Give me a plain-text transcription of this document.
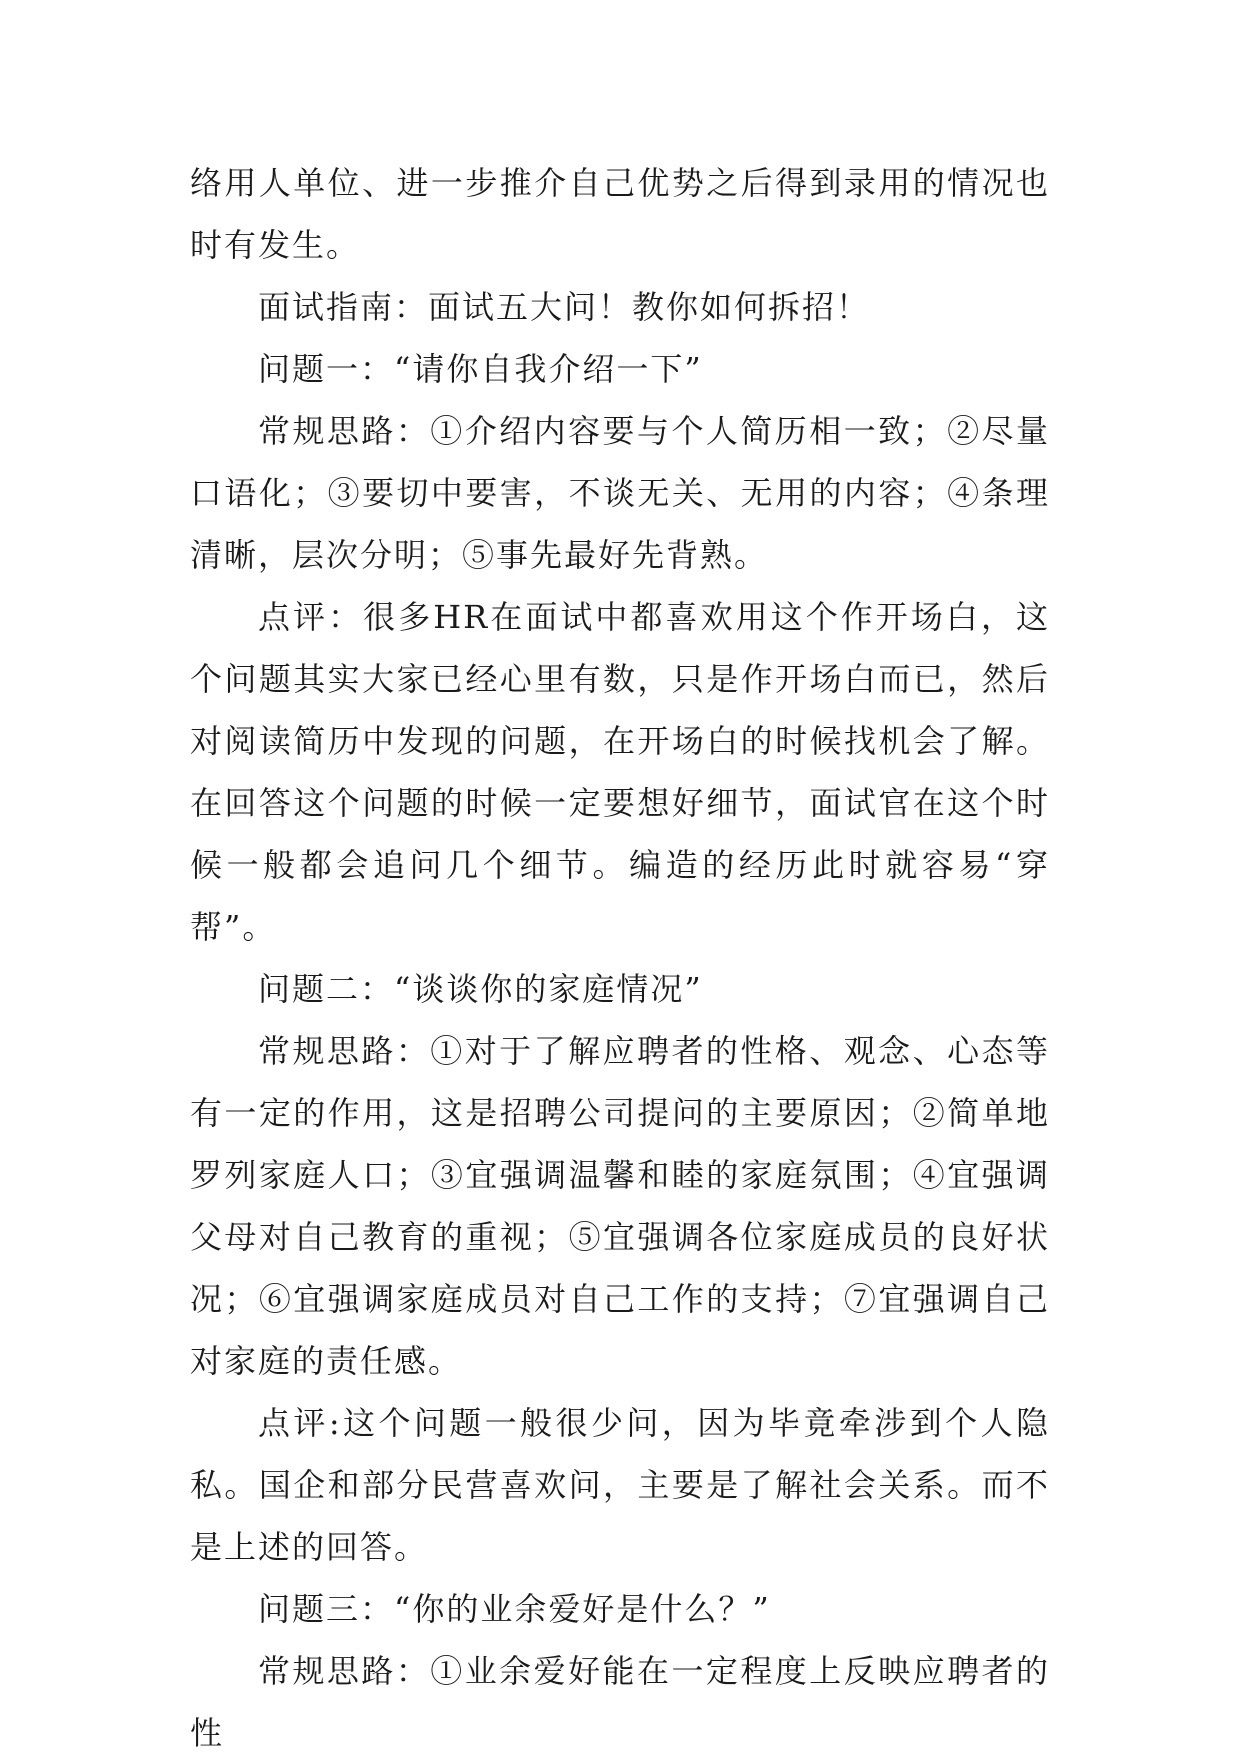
络用人单位、进一步推介自己优势之后得到录用的情况也时有发生。

面试指南：面试五大问！教你如何拆招！

问题一：“请你自我介绍一下”

常规思路：①介绍内容要与个人简历相一致；②尽量口语化；③要切中要害，不谈无关、无用的内容；④条理清晰，层次分明；⑤事先最好先背熟。

点评：很多HR在面试中都喜欢用这个作开场白，这个问题其实大家已经心里有数，只是作开场白而已，然后对阅读简历中发现的问题，在开场白的时候找机会了解。在回答这个问题的时候一定要想好细节，面试官在这个时候一般都会追问几个细节。编造的经历此时就容易“穿帮”。

问题二：“谈谈你的家庭情况”

常规思路：①对于了解应聘者的性格、观念、心态等有一定的作用，这是招聘公司提问的主要原因；②简单地罗列家庭人口；③宜强调温馨和睦的家庭氛围；④宜强调父母对自己教育的重视；⑤宜强调各位家庭成员的良好状况；⑥宜强调家庭成员对自己工作的支持；⑦宜强调自己对家庭的责任感。

点评:这个问题一般很少问，因为毕竟牵涉到个人隐私。国企和部分民营喜欢问，主要是了解社会关系。而不是上述的回答。

问题三：“你的业余爱好是什么？”

常规思路：①业余爱好能在一定程度上反映应聘者的性
